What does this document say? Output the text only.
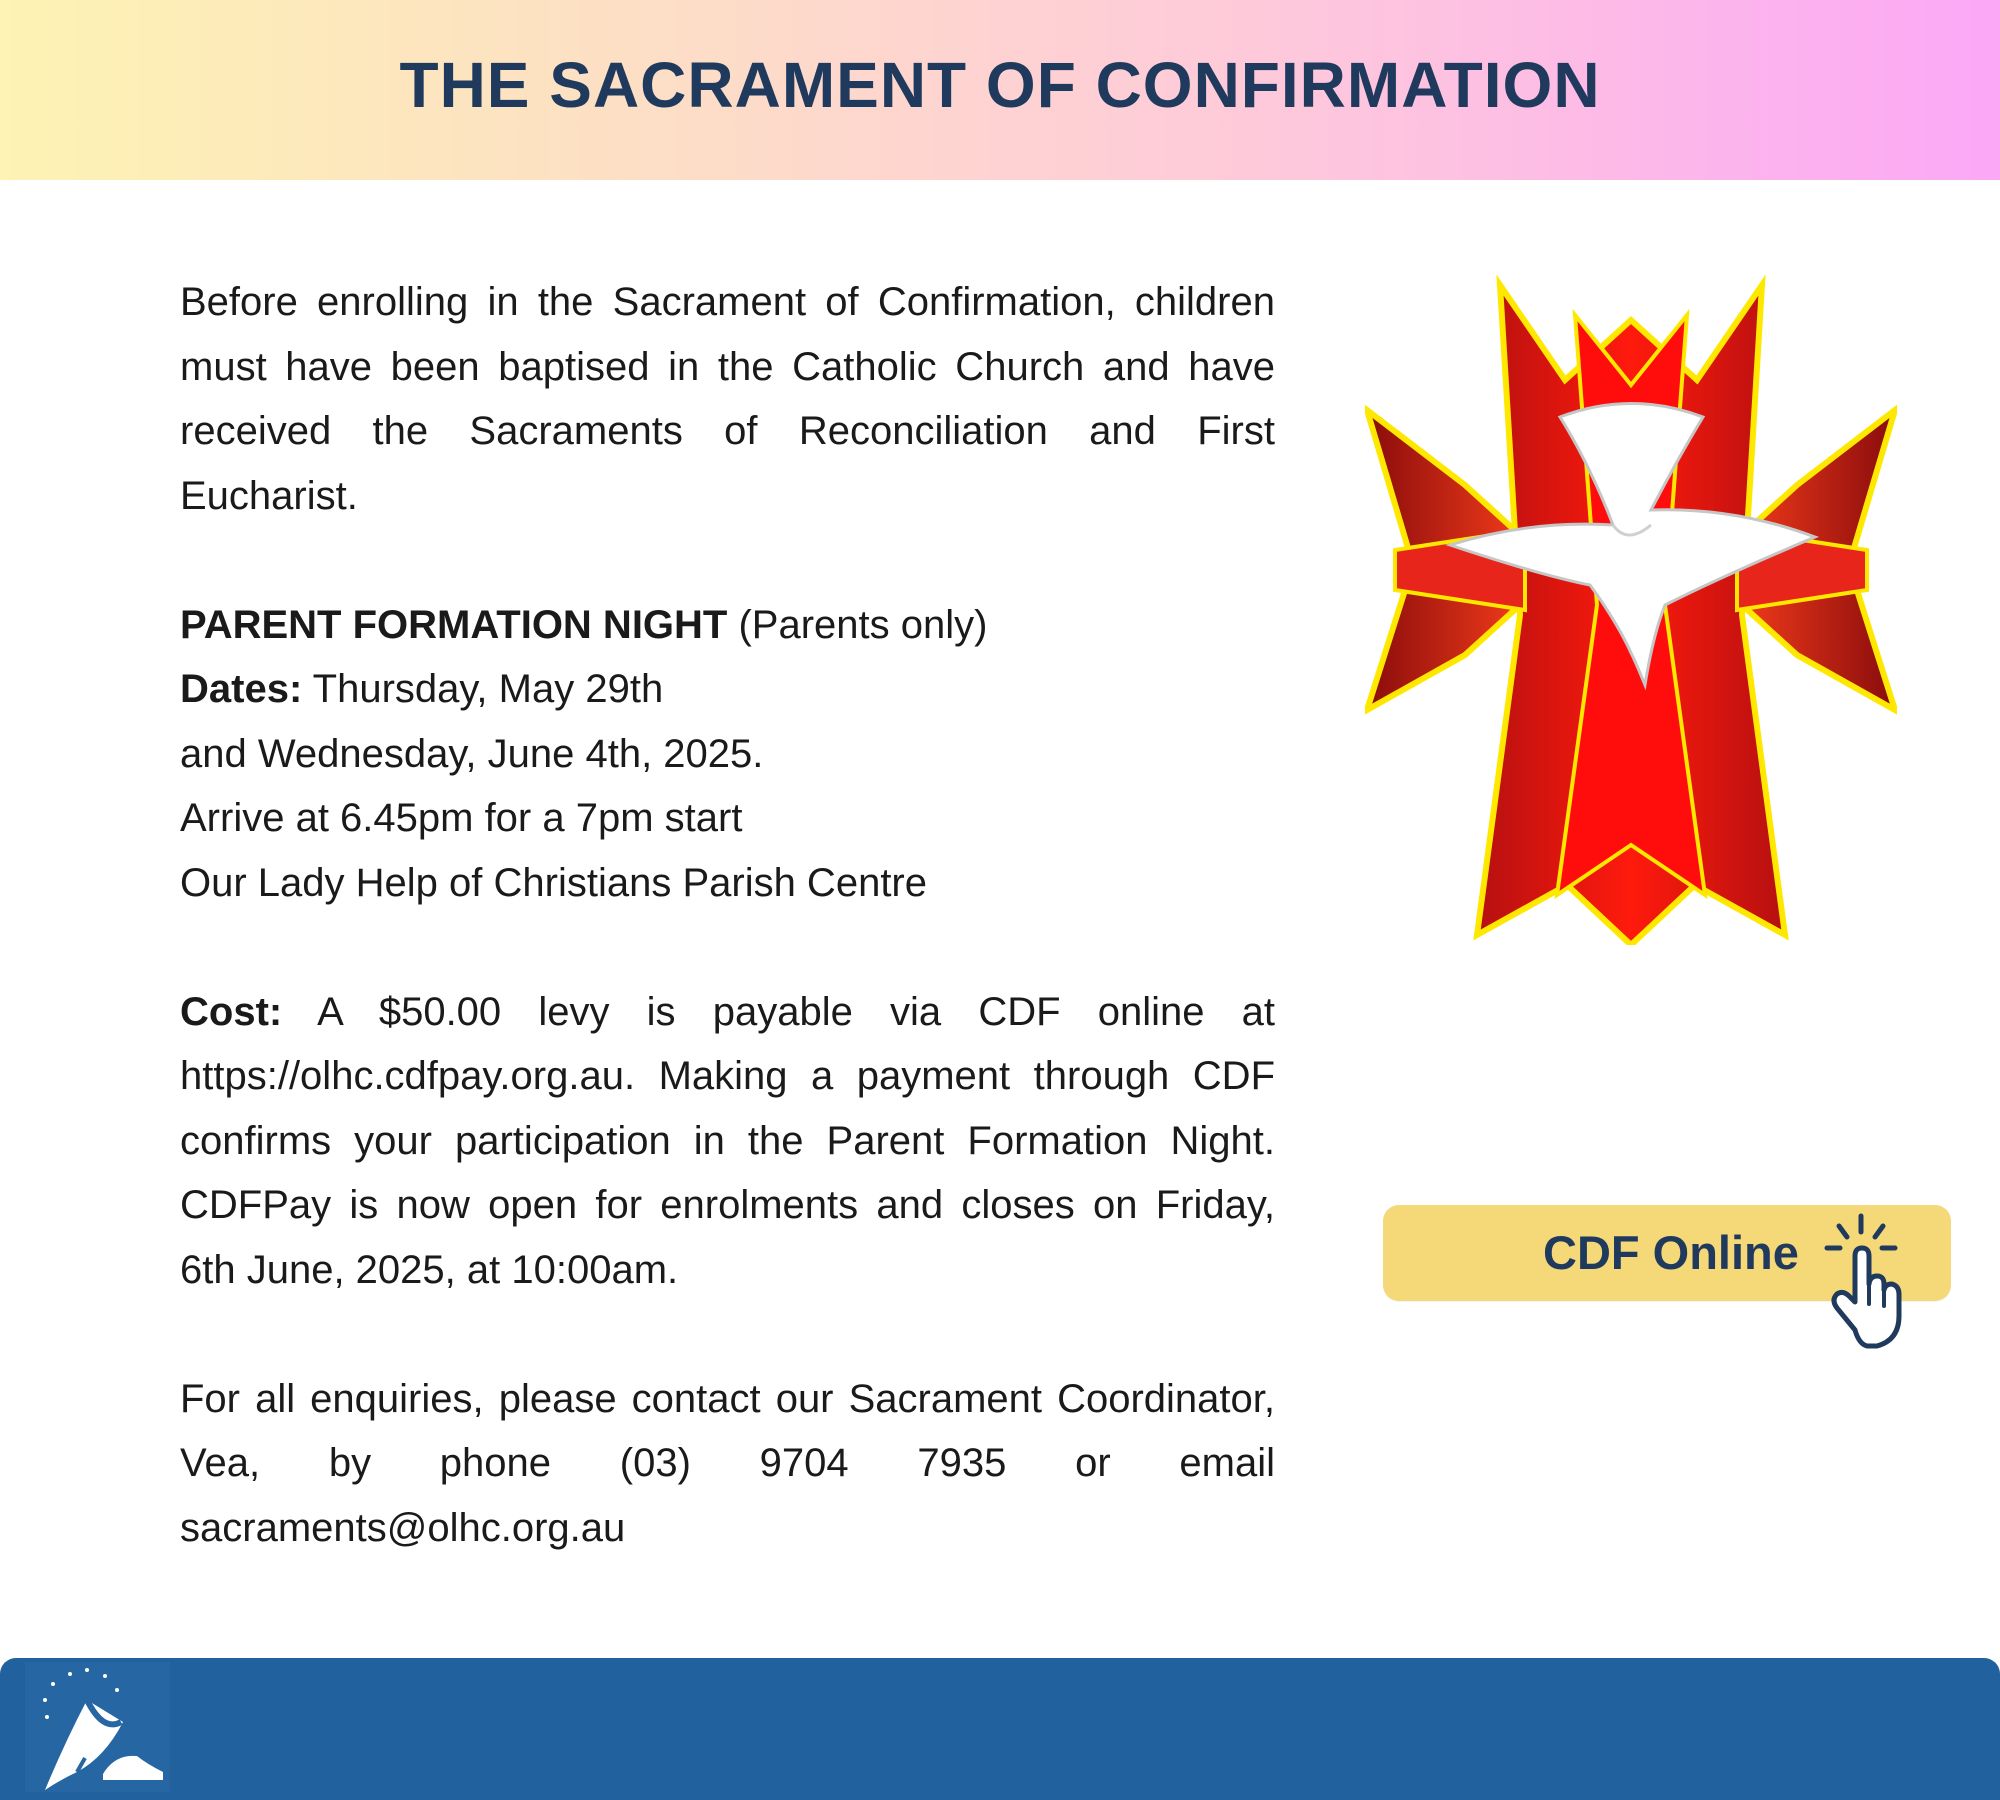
THE SACRAMENT OF CONFIRMATION

Before enrolling in the Sacrament of Confirmation, children must have been baptised in the Catholic Church and have received the Sacraments of Reconciliation and First Eucharist.

PARENT FORMATION NIGHT (Parents only)

Dates: Thursday, May 29th

and Wednesday, June 4th, 2025.

Arrive at 6.45pm for a 7pm start

Our Lady Help of Christians Parish Centre

Cost: A $50.00 levy is payable via CDF online at https://olhc.cdfpay.org.au. Making a payment through CDF confirms your participation in the Parent Formation Night. CDFPay is now open for enrolments and closes on Friday, 6th June, 2025, at 10:00am.

For all enquiries, please contact our Sacrament Coordinator, Vea, by phone (03) 9704 7935 or email sacraments@olhc.org.au

CDF Online
